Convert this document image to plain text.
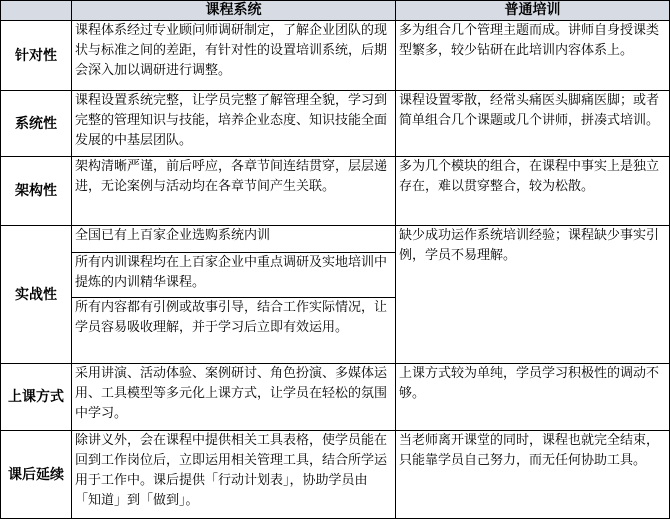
	课程系统	普通培训
针对性	课程体系经过专业顾问师调研制定，了解企业团队的现状与标准之间的差距，有针对性的设置培训系统，后期会深入加以调研进行调整。	多为组合几个管理主题而成。讲师自身授课类型繁多，较少钻研在此培训内容体系上。
系统性	课程设置系统完整，让学员完整了解管理全貌，学习到完整的管理知识与技能，培养企业态度、知识技能全面发展的中基层团队。	课程设置零散，经常头痛医头脚痛医脚；或者简单组合几个课题或几个讲师，拼凑式培训。
架构性	架构清晰严谨，前后呼应，各章节间连结贯穿，层层递进，无论案例与活动均在各章节间产生关联。	多为几个模块的组合，在课程中事实上是独立存在，难以贯穿整合，较为松散。
实战性	全国已有上百家企业选购系统内训	缺少成功运作系统培训经验；课程缺少事实引例，学员不易理解。
	所有内训课程均在上百家企业中重点调研及实地培训中提炼的内训精华课程。	
	所有内容都有引例或故事引导，结合工作实际情况，让学员容易吸收理解，并于学习后立即有效运用。	
上课方式	采用讲演、活动体验、案例研讨、角色扮演、多媒体运用、工具模型等多元化上课方式，让学员在轻松的氛围中学习。	上课方式较为单纯，学员学习积极性的调动不够。
课后延续	除讲义外，会在课程中提供相关工具表格，使学员能在回到工作岗位后，立即运用相关管理工具，结合所学运用于工作中。课后提供「行动计划表」，协助学员由「知道」到「做到」。	当老师离开课堂的同时，课程也就完全结束，只能靠学员自己努力，而无任何协助工具。
